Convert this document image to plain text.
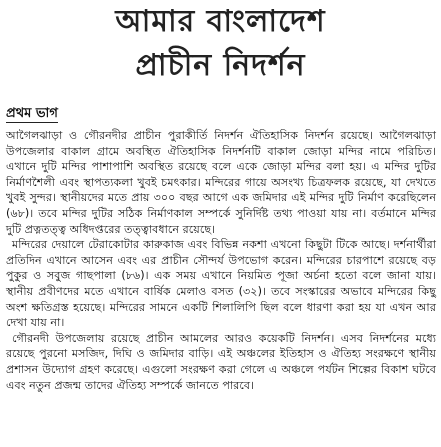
আমার বাংলাদেশ
প্রাচীন নিদর্শন
প্রথম ভাগ

আগৈলঝাড়া ও গৌরনদীর প্রাচীন পুরাকীর্তি নিদর্শন ঐতিহাসিক নিদর্শন রয়েছে। আগৈলঝাড়া উপজেলার বাকাল গ্রামে অবস্থিত ঐতিহাসিক নিদর্শনটি বাকাল জোড়া মন্দির নামে পরিচিত। এখানে দুটি মন্দির পাশাপাশি অবস্থিত রয়েছে বলে একে জোড়া মন্দির বলা হয়। এ মন্দির দুটির নির্মাণশৈলী এবং স্থাপত্যকলা খুবই চমৎকার। মন্দিরের গায়ে অসংখ্য চিত্রফলক রয়েছে, যা দেখতে খুবই সুন্দর। স্থানীয়দের মতে প্রায় ৩০০ বছর আগে এক জমিদার এই মন্দির দুটি নির্মাণ করেছিলেন (৬৮)। তবে মন্দির দুটির সঠিক নির্মাণকাল সম্পর্কে সুনির্দিষ্ট তথ্য পাওয়া যায় না। বর্তমানে মন্দির দুটি প্রত্নতত্ত্ব অধিদপ্তরের তত্ত্বাবধানে রয়েছে।

মন্দিরের দেয়ালে টেরাকোটার কারুকাজ এবং বিভিন্ন নকশা এখনো কিছুটা টিকে আছে। দর্শনার্থীরা প্রতিদিন এখানে আসেন এবং এর প্রাচীন সৌন্দর্য উপভোগ করেন। মন্দিরের চারপাশে রয়েছে বড় পুকুর ও সবুজ গাছপালা (৮৬)। এক সময় এখানে নিয়মিত পূজা অর্চনা হতো বলে জানা যায়। স্থানীয় প্রবীণদের মতে এখানে বার্ষিক মেলাও বসত (৩২)। তবে সংস্কারের অভাবে মন্দিরের কিছু অংশ ক্ষতিগ্রস্ত হয়েছে। মন্দিরের সামনে একটি শিলালিপি ছিল বলে ধারণা করা হয় যা এখন আর দেখা যায় না।

গৌরনদী উপজেলায় রয়েছে প্রাচীন আমলের আরও কয়েকটি নিদর্শন। এসব নিদর্শনের মধ্যে রয়েছে পুরনো মসজিদ, দিঘি ও জমিদার বাড়ি। এই অঞ্চলের ইতিহাস ও ঐতিহ্য সংরক্ষণে স্থানীয় প্রশাসন উদ্যোগ গ্রহণ করেছে। এগুলো সংরক্ষণ করা গেলে এ অঞ্চলে পর্যটন শিল্পের বিকাশ ঘটবে এবং নতুন প্রজন্ম তাদের ঐতিহ্য সম্পর্কে জানতে পারবে।
